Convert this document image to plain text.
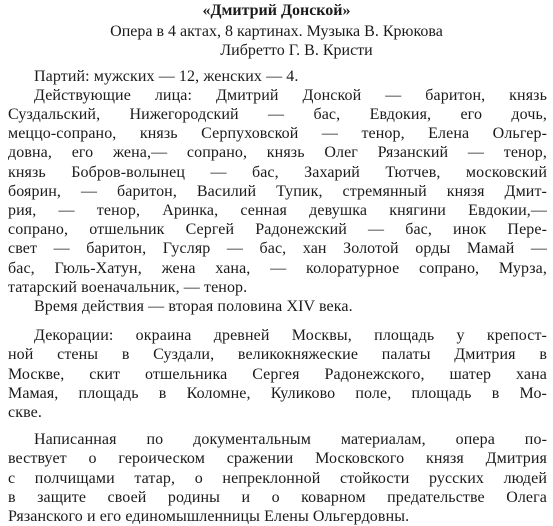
«Дмитрий Донской»
Опера в 4 актах, 8 картинах. Музыка В. Крюкова
Либретто Г. В. Кристи
Партий: мужских — 12, женских — 4.
Действующие лица: Дмитрий Донской — баритон, князь
Суздальский, Нижегородский — бас, Евдокия, его дочь,
меццо-сопрано, князь Серпуховской — тенор, Елена Ольгер-
довна, его жена,— сопрано, князь Олег Рязанский — тенор,
князь Бобров-волынец — бас, Захарий Тютчев, московский
боярин, — баритон, Василий Тупик, стремянный князя Дмит-
рия, — тенор, Аринка, сенная девушка княгини Евдокии,—
сопрано, отшельник Сергей Радонежский — бас, инок Пере-
свет — баритон, Гусляр — бас, хан Золотой орды Мамай —
бас, Гюль-Хатун, жена хана, — колоратурное сопрано, Мурза,
татарский военачальник, — тенор.
Время действия — вторая половина XIV века.
Декорации: окраина древней Москвы, площадь у крепост-
ной стены в Суздали, великокняжеские палаты Дмитрия в
Москве, скит отшельника Сергея Радонежского, шатер хана
Мамая, площадь в Коломне, Куликово поле, площадь в Мо-
скве.
Написанная по документальным материалам, опера по-
вествует о героическом сражении Московского князя Дмитрия
с полчищами татар, о непреклонной стойкости русских людей
в защите своей родины и о коварном предательстве Олега
Рязанского и его единомышленницы Елены Ольгердовны.
